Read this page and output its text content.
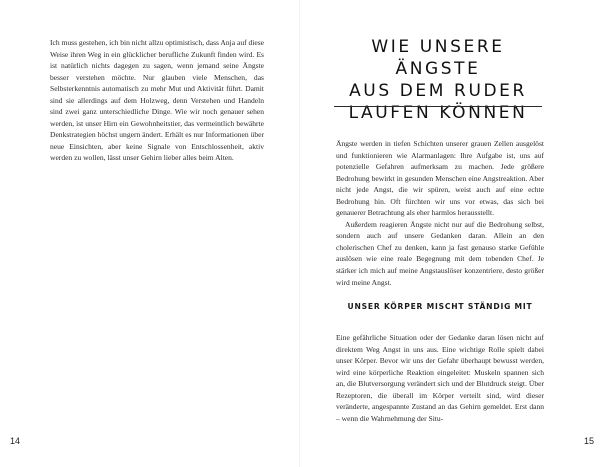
Ich muss gestehen, ich bin nicht allzu optimistisch, dass Anja auf diese Weise ihren Weg in ein glücklicher berufliche Zukunft finden wird. Es ist natürlich nichts dagegen zu sagen, wenn jemand seine Ängste besser verstehen möchte. Nur glauben viele Menschen, das Selbsterkenntnis automatisch zu mehr Mut und Aktivität führt. Damit sind sie allerdings auf dem Holzweg, denn Verstehen und Handeln sind zwei ganz unterschiedliche Dinge. Wie wir noch genauer sehen werden, ist unser Hirn ein Gewohnheitstier, das vermeintlich bewährte Denkstrategien höchst ungern ändert. Erhält es nur Informationen über neue Einsichten, aber keine Signale von Entschlossenheit, aktiv werden zu wollen, lässt unser Gehirn lieber alles beim Alten.

14
WIE UNSERE ÄNGSTE
AUS DEM RUDER
LAUFEN KÖNNEN

Ängste werden in tiefen Schichten unserer grauen Zellen ausgelöst und funktionieren wie Alarmanlagen: Ihre Aufgabe ist, uns auf potenzielle Gefahren aufmerksam zu machen. Jede größere Bedrohung bewirkt in gesunden Menschen eine Angstreaktion. Aber nicht jede Angst, die wir spüren, weist auch auf eine echte Bedrohung hin. Oft fürchten wir uns vor etwas, das sich bei genauerer Betrachtung als eher harmlos herausstellt.

Außerdem reagieren Ängste nicht nur auf die Bedrohung selbst, sondern auch auf unsere Gedanken daran. Allein an den cholerischen Chef zu denken, kann ja fast genauso starke Gefühle auslösen wie eine reale Begegnung mit dem tobenden Chef. Je stärker ich mich auf meine Angstauslöser konzentriere, desto größer wird meine Angst.

UNSER KÖRPER MISCHT STÄNDIG MIT

Eine gefährliche Situation oder der Gedanke daran lösen nicht auf direktem Weg Angst in uns aus. Eine wichtige Rolle spielt dabei unser Körper. Bevor wir uns der Gefahr überhaupt bewusst werden, wird eine körperliche Reaktion eingeleitet: Muskeln spannen sich an, die Blutversorgung verändert sich und der Blutdruck steigt. Über Rezeptoren, die überall im Körper verteilt sind, wird dieser veränderte, angespannte Zustand an das Gehirn gemeldet. Erst dann – wenn die Wahrnehmung der Situ-

15
